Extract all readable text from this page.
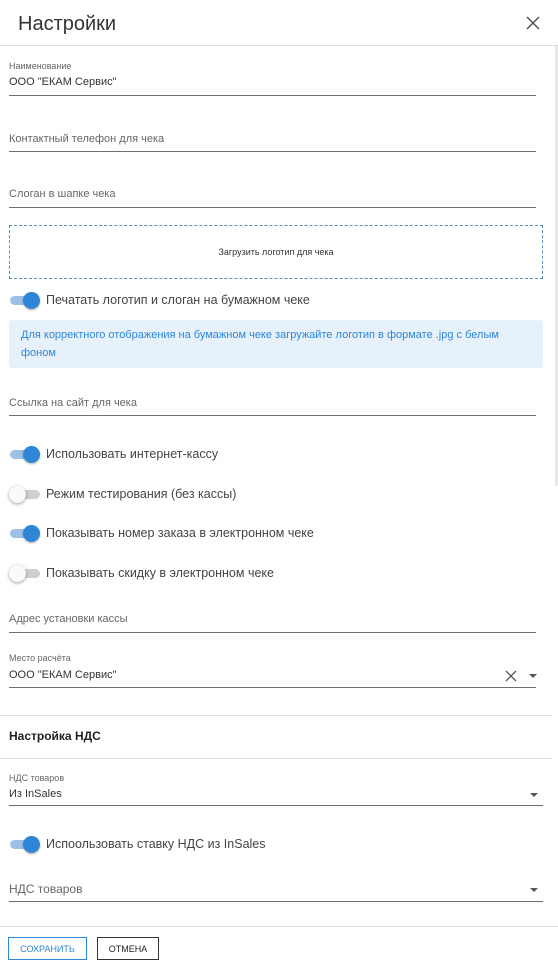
Настройки
Наименование
ООО "ЕКАМ Сервис"
Контактный телефон для чека
Слоган в шапке чека
Загрузить логотип для чека
Печатать логотип и слоган на бумажном чеке
Для корректного отображения на бумажном чеке загружайте логотип в формате .jpg с белым фоном
Ссылка на сайт для чека
Использовать интернет-кассу
Режим тестирования (без кассы)
Показывать номер заказа в электронном чеке
Показывать скидку в электронном чеке
Адрес установки кассы
Место расчёта
ООО "ЕКАМ Сервис"
Настройка НДС
НДС товаров
Из InSales
Испоользовать ставку НДС из InSales
НДС товаров
СОХРАНИТЬ	ОТМЕНА
